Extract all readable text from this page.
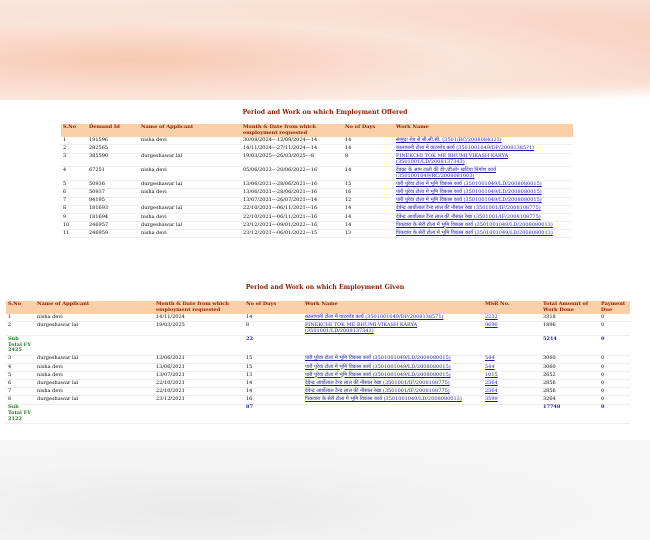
Period and Work on which Employment Offered
S.No	Demand Id	Name of Applicant	Month & Date from which employment requested	No of Days	Work Name
1	191596	nisha devi	30/08/2024---12/09/2024---14	14	सामुदा शेड से सी.सी.सी. (3501/RC/2008084323)
2	282565		14/11/2024---27/11/2024---14	14	कालापानी टोला में वाटरशेड कार्य (3501001049/DP/20081385?1)
3	385590	durgeshawar lal	19/03/2025---26/03/2025---8	8	PINEKCHI TOK ME BHUMI VIKASH KARYA (3501001/LD/2008137343)
4	67251	nisha devi	05/06/2022---20/06/2022---16	14	देवका के आम टालो की डी॰/डीओ॰ खटिया निर्माण कार्य (3501001049/RC/2008081003)
5	50936	durgeshawar lal	13/06/2021---28/06/2021---16	15	पारी पुरेवा टोला में भूमि विकास कार्य (3501001049/LD/2008080015)
6	50937	nisha devi	13/06/2021---28/06/2021---16	16	पारी पुरेवा टोला में भूमि विकास कार्य (3501001049/LD/2008080015)
7	84195		13/07/2021---26/07/2021---14	12	पारी पुरेवा टोला में भूमि विकास कार्य (3501001049/LD/2008080015)
8	181693	durgeshawar lal	22/10/2021---06/11/2021---16	14	देवेन्द्र आर्योलाल टैन्ड लाल की नौसाल रेखा (3501001/IF/2008108775)
9	181694	nisha devi	22/10/2021---06/11/2021---16	14	देवेन्द्र आर्योलाल टैन्ड लाल की नौसाल रेखा (3501001/IF/2008108775)
10	246957	durgeshawar lal	23/12/2021---09/01/2022---16	14	पिकवारा के सेरी टोला में भूमि विकास कार्य (3501001049/LD/2008080013)
11	246959	nisha devi	23/12/2021---06/01/2022---15	13	पिकवारा के सेरी टोला में भूमि विकास कार्य (3501001049/LD/2008080013)
Period and Work on which Employment Given
S.No	Name of Applicant	Month & Date from which employment requested	No of Days	Work Name	MSR No.	Total Amount of Work Done	Payment Due
1	nisha devi	14/11/2024	14	कालापानी टोला में वाटरशेड कार्य (3501001049/DP/2008138571)	2232	3318	0
2	durgeshawar lal	19/03/2025	8	PINEKCHI TOK ME BHUMI VIKASH KARYA (3501001/LD/2008137343)	9690	1896	0
Sub Total FY 2425			22			5214	0
3	durgeshawar lal	13/06/2021	15	पारी पुरेवा टोला में भूमि विकास कार्य (3501001049/LD/2008080015)	544	3060	0
4	nisha devi	13/06/2021	15	पारी पुरेवा टोला में भूमि विकास कार्य (3501001049/LD/2008080015)	544	3060	0
5	nisha devi	13/07/2021	13	पारी पुरेवा टोला में भूमि विकास कार्य (3501001049/LD/2008080015)	1015	2652	0
6	durgeshawar lal	22/10/2021	14	देवेन्द्र आर्योलाल टैन्ड लाल की नौसाल रेखा (3501001/IF/2008108775)	2564	2856	0
7	nisha devi	22/10/2021	14	देवेन्द्र आर्योलाल टैन्ड लाल की नौसाल रेखा (3501001/IF/2008108775)	2564	2856	0
8	durgeshawar lal	23/12/2021	16	पिकवारा के सेरी टोला में भूमि विकास कार्य (3501001049/LD/2008080013)	3599	3264	0
Sub Total FY 2122			87			17748	0
